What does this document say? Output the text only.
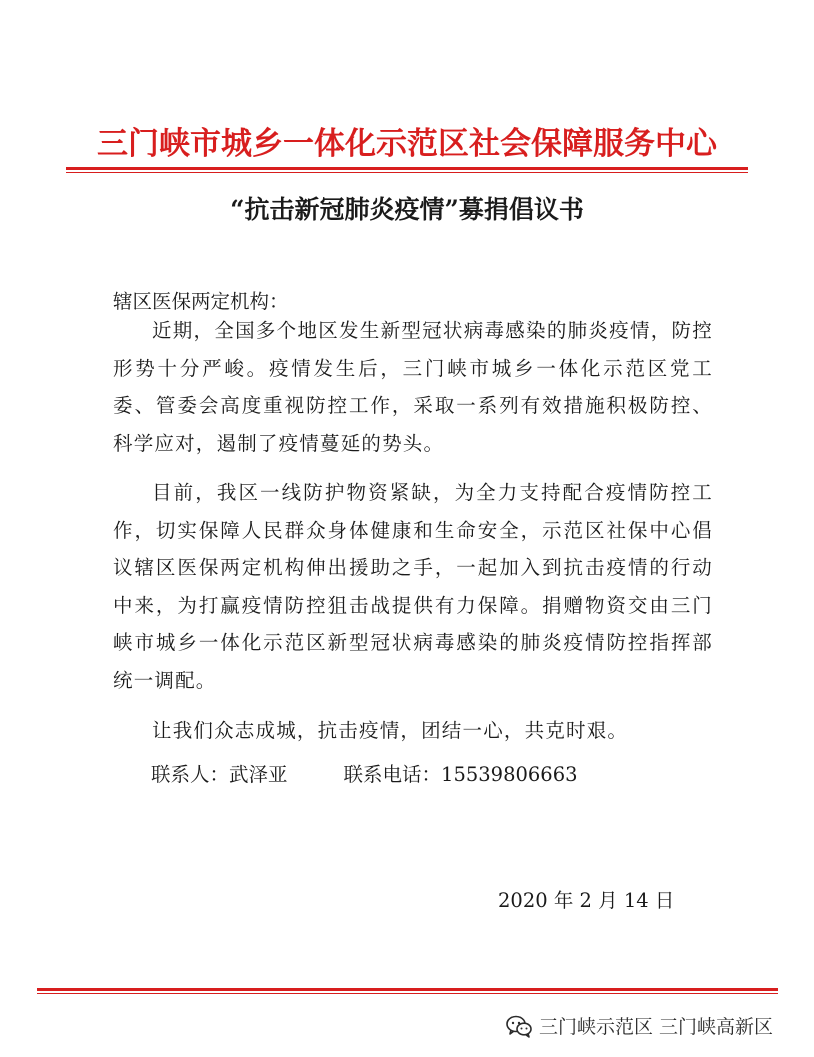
三门峡市城乡一体化示范区社会保障服务中心
“抗击新冠肺炎疫情”募捐倡议书
辖区医保两定机构：
近期，全国多个地区发生新型冠状病毒感染的肺炎疫情，防控形势十分严峻。疫情发生后，三门峡市城乡一体化示范区党工委、管委会高度重视防控工作，采取一系列有效措施积极防控、科学应对，遏制了疫情蔓延的势头。
目前，我区一线防护物资紧缺，为全力支持配合疫情防控工作，切实保障人民群众身体健康和生命安全，示范区社保中心倡议辖区医保两定机构伸出援助之手，一起加入到抗击疫情的行动中来，为打赢疫情防控狙击战提供有力保障。捐赠物资交由三门峡市城乡一体化示范区新型冠状病毒感染的肺炎疫情防控指挥部统一调配。
让我们众志成城，抗击疫情，团结一心，共克时艰。
联系人：武泽亚	联系电话：15539806663
2020 年 2 月 14 日
三门峡示范区 三门峡高新区
